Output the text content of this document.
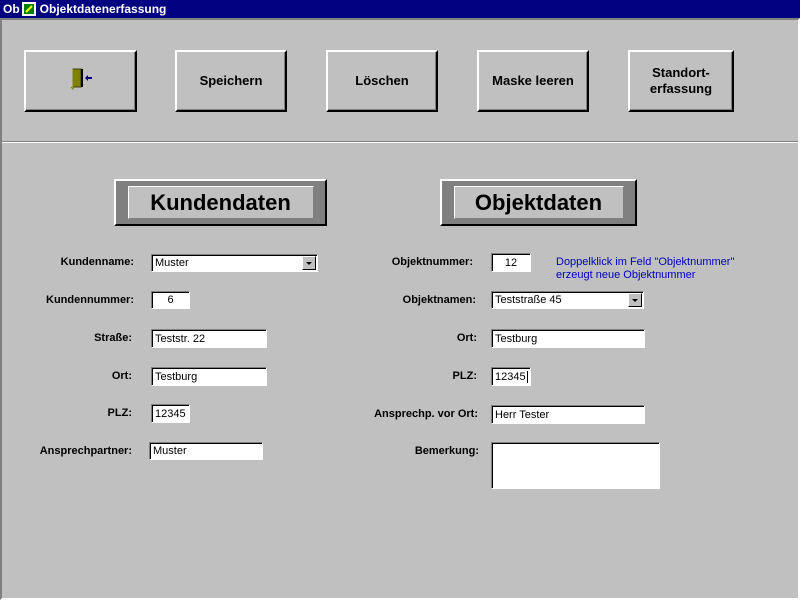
Ob Objektdatenerfassung
Speichern	Löschen	Maske leeren
Standort-
erfassung
Kundendaten	Objektdaten
Kundenname: Muster
Kundennummer:	6
Straße: Teststr. 22
Ort: Testburg
PLZ: 12345
Ansprechpartner: Muster
Objektnummer:	12	Doppelklick im Feld "Objektnummer"
erzeugt neue Objektnummer
Objektnamen: Teststraße 45
Ort: Testburg
PLZ: 12345
Ansprechp. vor Ort: Herr Tester
Bemerkung:
